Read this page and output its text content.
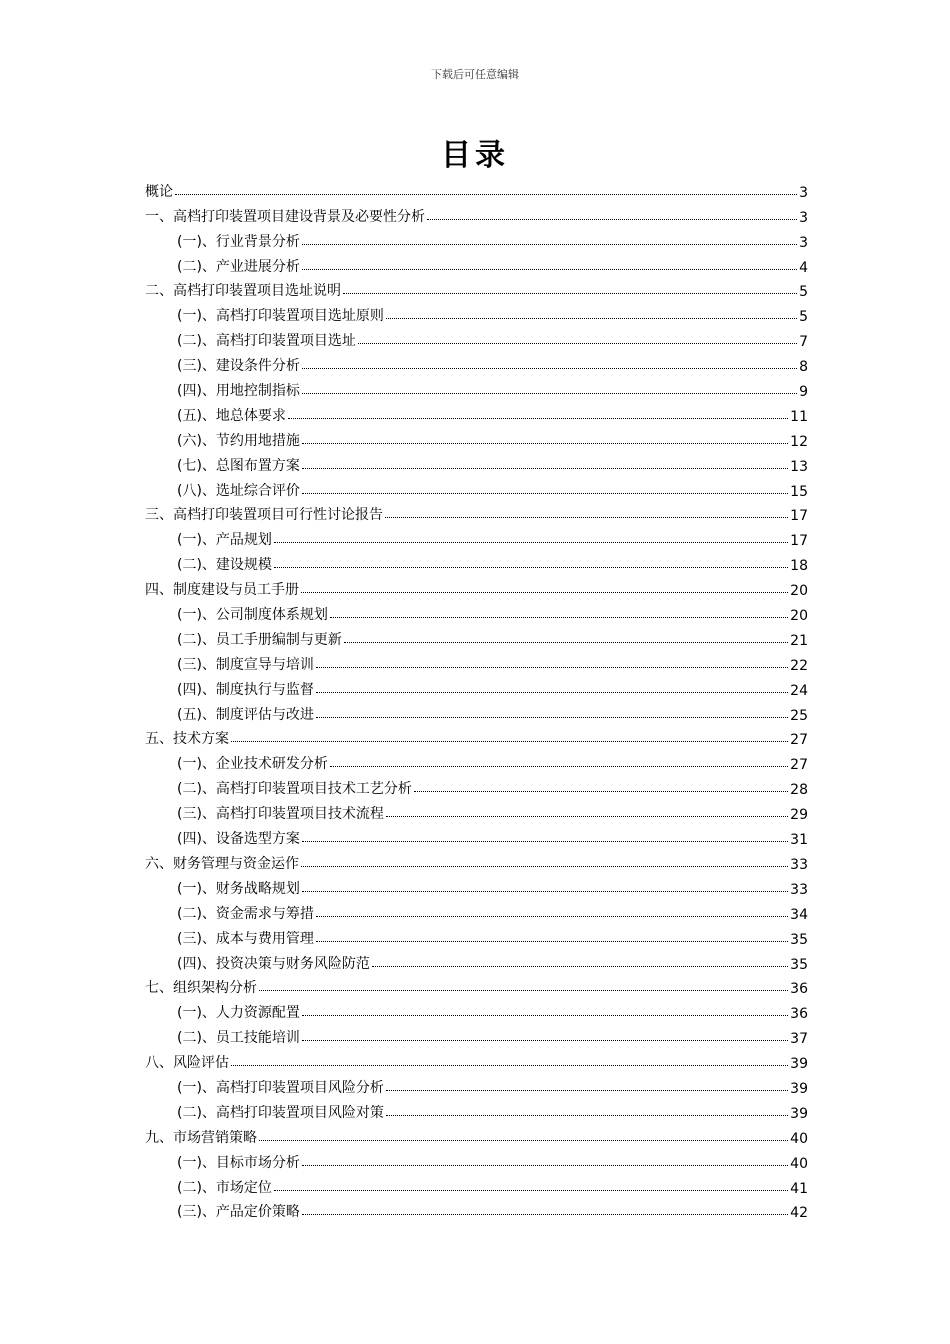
下载后可任意编辑
目录
概论	3
一、高档打印装置项目建设背景及必要性分析	3
(一)、行业背景分析	3
(二)、产业进展分析	4
二、高档打印装置项目选址说明	5
(一)、高档打印装置项目选址原则	5
(二)、高档打印装置项目选址	7
(三)、建设条件分析	8
(四)、用地控制指标	9
(五)、地总体要求	11
(六)、节约用地措施	12
(七)、总图布置方案	13
(八)、选址综合评价	15
三、高档打印装置项目可行性讨论报告	17
(一)、产品规划	17
(二)、建设规模	18
四、制度建设与员工手册	20
(一)、公司制度体系规划	20
(二)、员工手册编制与更新	21
(三)、制度宣导与培训	22
(四)、制度执行与监督	24
(五)、制度评估与改进	25
五、技术方案	27
(一)、企业技术研发分析	27
(二)、高档打印装置项目技术工艺分析	28
(三)、高档打印装置项目技术流程	29
(四)、设备选型方案	31
六、财务管理与资金运作	33
(一)、财务战略规划	33
(二)、资金需求与筹措	34
(三)、成本与费用管理	35
(四)、投资决策与财务风险防范	35
七、组织架构分析	36
(一)、人力资源配置	36
(二)、员工技能培训	37
八、风险评估	39
(一)、高档打印装置项目风险分析	39
(二)、高档打印装置项目风险对策	39
九、市场营销策略	40
(一)、目标市场分析	40
(二)、市场定位	41
(三)、产品定价策略	42
